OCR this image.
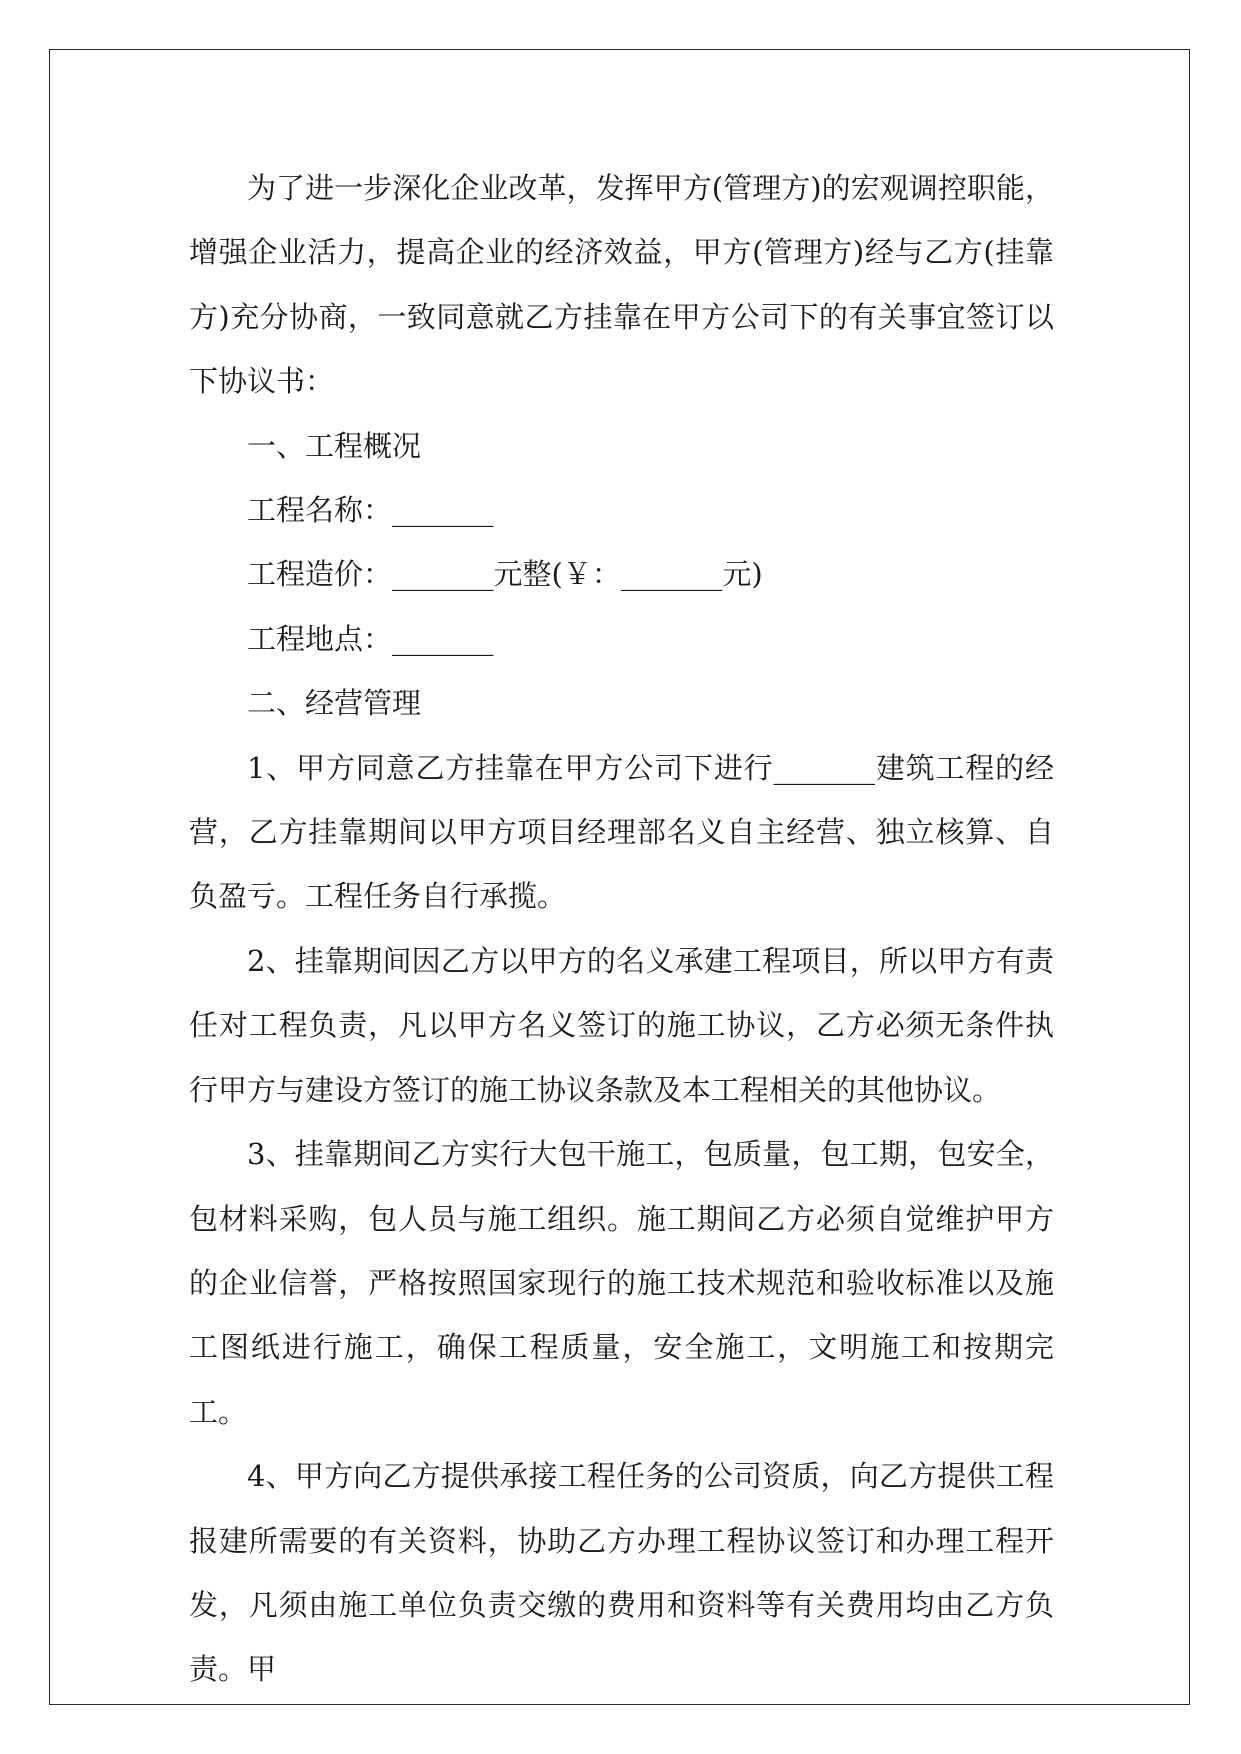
为了进一步深化企业改革，发挥甲方(管理方)的宏观调控职能，增强企业活力，提高企业的经济效益，甲方(管理方)经与乙方(挂靠方)充分协商，一致同意就乙方挂靠在甲方公司下的有关事宜签订以下协议书：

一、工程概况

工程名称：_______

工程造价：_______元整(￥：_______元)

工程地点：_______

二、经营管理

1、甲方同意乙方挂靠在甲方公司下进行_______建筑工程的经营，乙方挂靠期间以甲方项目经理部名义自主经营、独立核算、自负盈亏。工程任务自行承揽。

2、挂靠期间因乙方以甲方的名义承建工程项目，所以甲方有责任对工程负责，凡以甲方名义签订的施工协议，乙方必须无条件执行甲方与建设方签订的施工协议条款及本工程相关的其他协议。

3、挂靠期间乙方实行大包干施工，包质量，包工期，包安全，包材料采购，包人员与施工组织。施工期间乙方必须自觉维护甲方的企业信誉，严格按照国家现行的施工技术规范和验收标准以及施工图纸进行施工，确保工程质量，安全施工，文明施工和按期完工。

4、甲方向乙方提供承接工程任务的公司资质，向乙方提供工程报建所需要的有关资料，协助乙方办理工程协议签订和办理工程开发，凡须由施工单位负责交缴的费用和资料等有关费用均由乙方负责。甲
